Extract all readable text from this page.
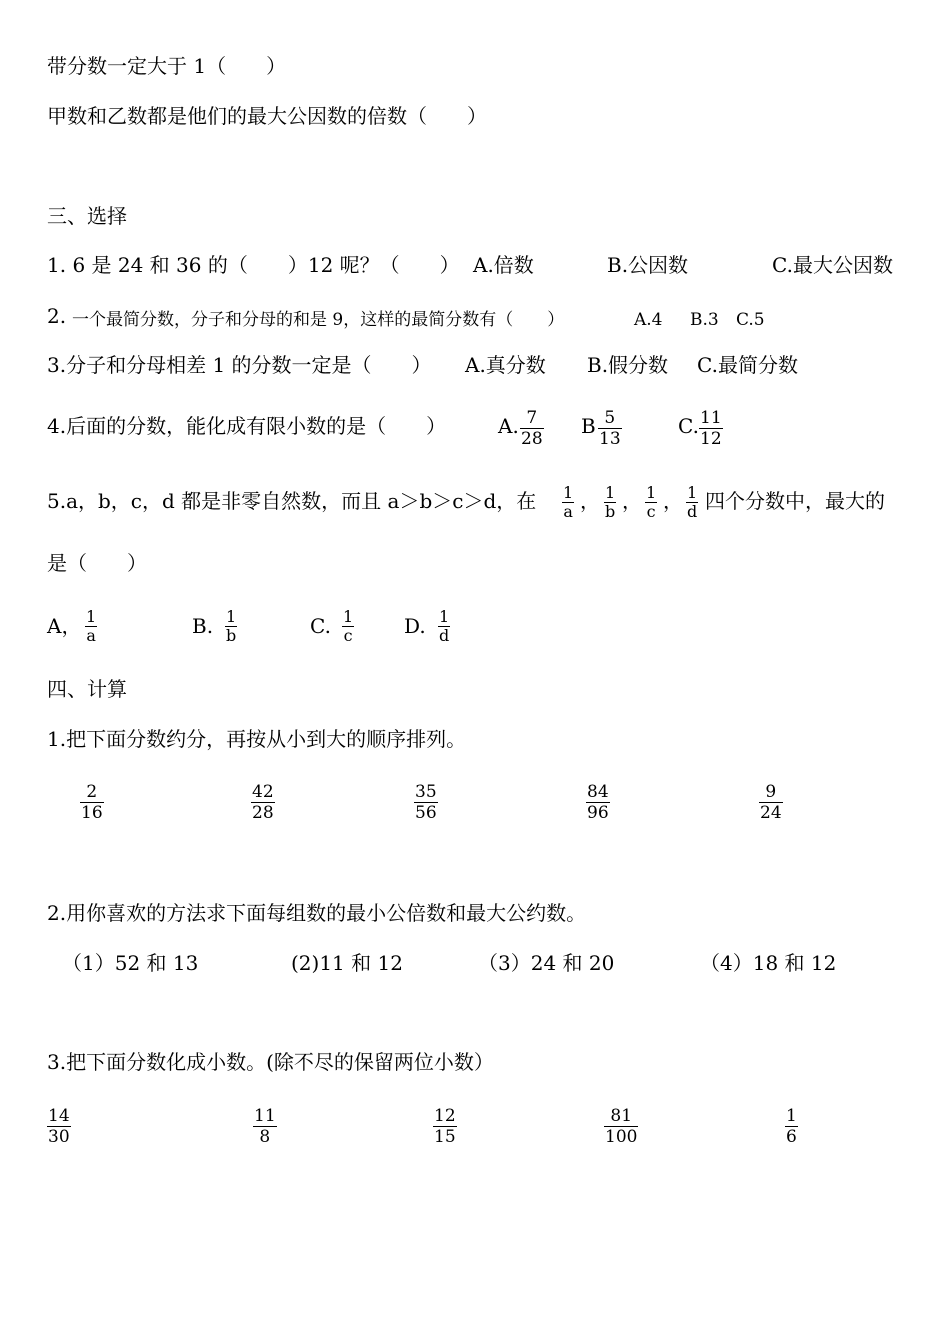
带分数一定大于 1（　　）
甲数和乙数都是他们的最大公因数的倍数（　　）
三、选择
1. 6 是 24 和 36 的（　　）12 呢？（　　） A.倍数	B.公因数	C.最大公因数
2. 一个最简分数，分子和分母的和是 9，这样的最简分数有（　　）	A.4 B.3 C.5
3.分子和分母相差 1 的分数一定是（　　） A.真分数 B.假分数 C.最简分数
4.后面的分数，能化成有限小数的是（　　）	A. 7
28
B 5
13
C. 11
12
5.a，b，c，d 都是非零自然数，而且 a＞b＞c＞d，在 1
a ， 1
b ， 1
c ， 1
d 四个分数中，最大的
是（　　）
A， 1
a	B. 1
b	C. 1
c	D. 1
d
四、计算
1.把下面分数约分，再按从小到大的顺序排列。
2
16
42
28
35
56
84
96
9
24
2.用你喜欢的方法求下面每组数的最小公倍数和最大公约数。
（1）52 和 13	(2)11 和 12	（3）24 和 20	（4）18 和 12
3.把下面分数化成小数。(除不尽的保留两位小数）
14
30
11
8
12
15
81
100
1
6
